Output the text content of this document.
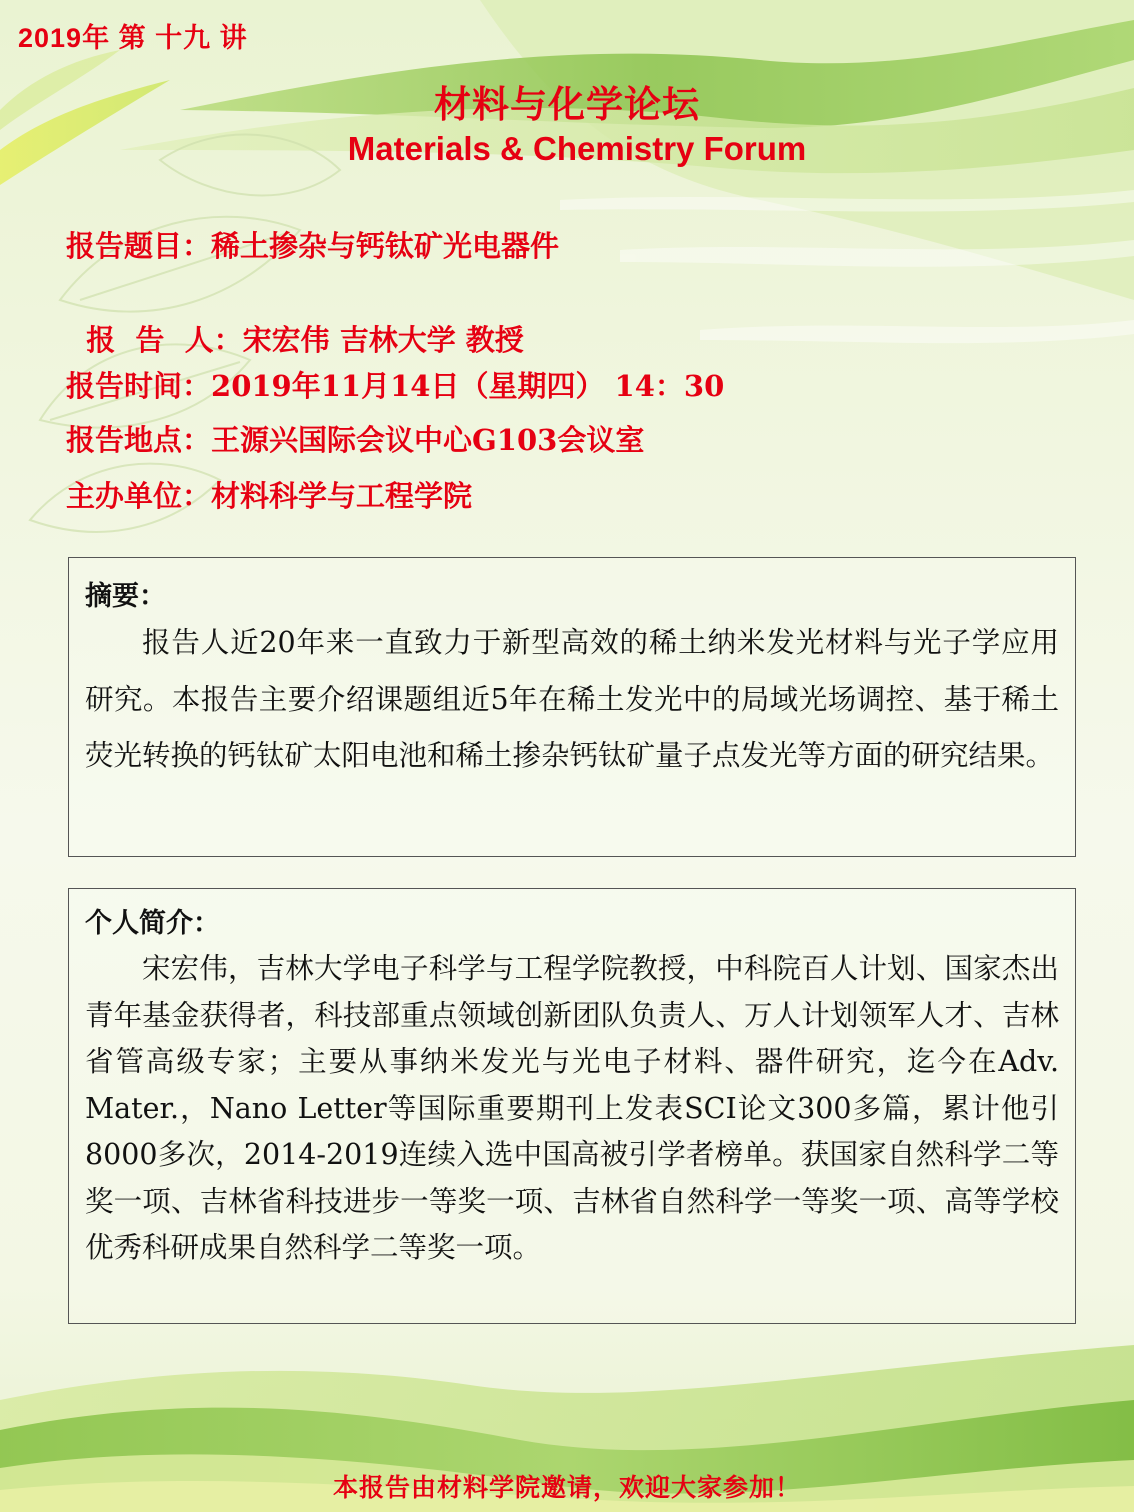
2019年 第 十九 讲
材料与化学论坛
Materials & Chemistry Forum
报告题目：稀土掺杂与钙钛矿光电器件

报  告  人：宋宏伟 吉林大学 教授

报告时间：2019年11月14日（星期四） 14：30
报告地点：王源兴国际会议中心G103会议室
主办单位：材料科学与工程学院
摘要：
报告人近20年来一直致力于新型高效的稀土纳米发光材料与光子学应用研究。本报告主要介绍课题组近5年在稀土发光中的局域光场调控、基于稀土荧光转换的钙钛矿太阳电池和稀土掺杂钙钛矿量子点发光等方面的研究结果。
个人简介：
宋宏伟，吉林大学电子科学与工程学院教授，中科院百人计划、国家杰出青年基金获得者，科技部重点领域创新团队负责人、万人计划领军人才、吉林省管高级专家；主要从事纳米发光与光电子材料、器件研究，迄今在Adv. Mater.，Nano Letter等国际重要期刊上发表SCI论文300多篇，累计他引8000多次，2014-2019连续入选中国高被引学者榜单。获国家自然科学二等奖一项、吉林省科技进步一等奖一项、吉林省自然科学一等奖一项、高等学校优秀科研成果自然科学二等奖一项。
本报告由材料学院邀请，欢迎大家参加！
